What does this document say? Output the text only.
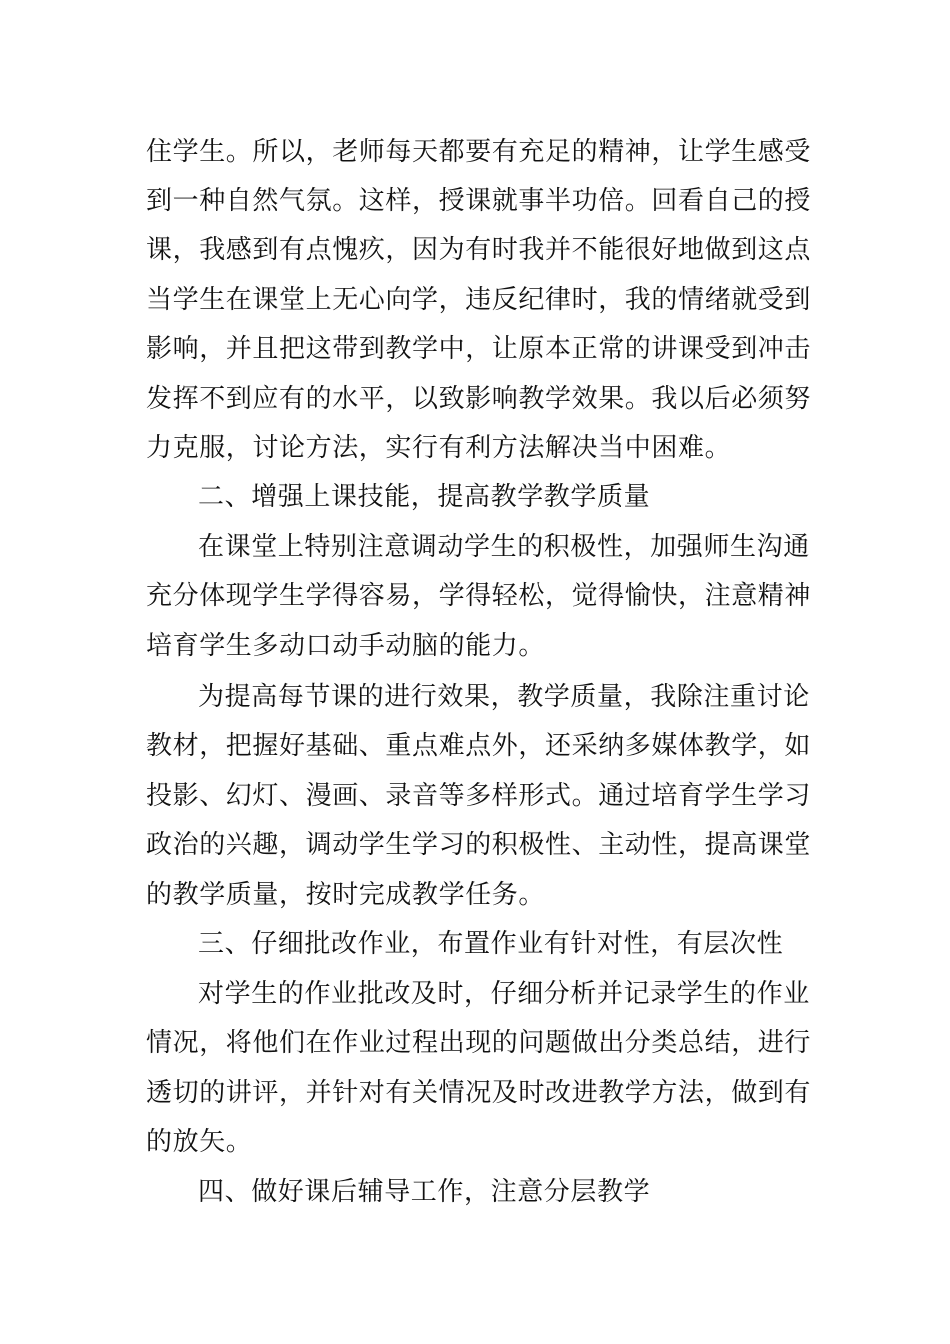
住学生。所以，老师每天都要有充足的精神，让学生感受
到一种自然气氛。这样，授课就事半功倍。回看自己的授
课，我感到有点愧疚，因为有时我并不能很好地做到这点
当学生在课堂上无心向学，违反纪律时，我的情绪就受到
影响，并且把这带到教学中，让原本正常的讲课受到冲击
发挥不到应有的水平，以致影响教学效果。我以后必须努
力克服，讨论方法，实行有利方法解决当中困难。
二、增强上课技能，提高教学教学质量
在课堂上特别注意调动学生的积极性，加强师生沟通
充分体现学生学得容易，学得轻松，觉得愉快，注意精神
培育学生多动口动手动脑的能力。
为提高每节课的进行效果，教学质量，我除注重讨论
教材，把握好基础、重点难点外，还采纳多媒体教学，如
投影、幻灯、漫画、录音等多样形式。通过培育学生学习
政治的兴趣，调动学生学习的积极性、主动性，提高课堂
的教学质量，按时完成教学任务。
三、仔细批改作业，布置作业有针对性，有层次性
对学生的作业批改及时，仔细分析并记录学生的作业
情况，将他们在作业过程出现的问题做出分类总结，进行
透切的讲评，并针对有关情况及时改进教学方法，做到有
的放矢。
四、做好课后辅导工作，注意分层教学
